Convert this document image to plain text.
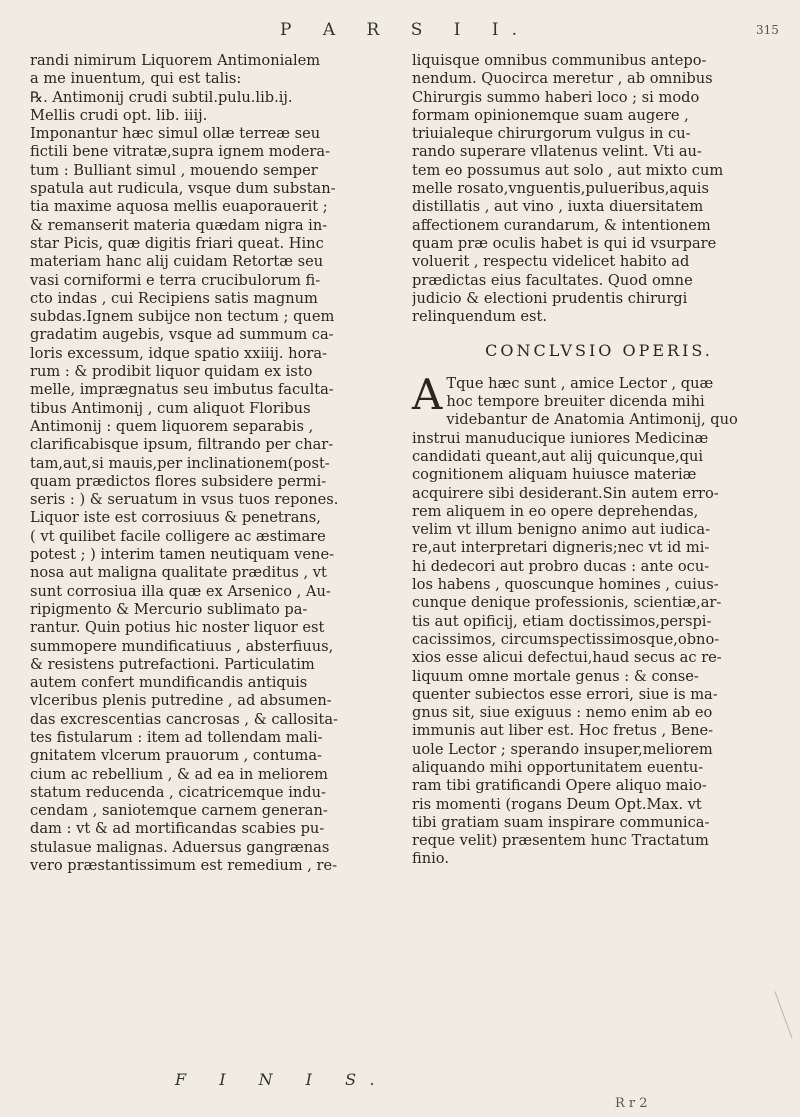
P A R S I I.	315
randi nimirum Liquorem Antimonialem
a me inuentum, qui est talis:
℞. Antimonij crudi subtil.pulu.lib.ij.
Mellis crudi opt. lib. iiij.
Imponantur hæc simul ollæ terreæ seu
fictili bene vitratæ,supra ignem modera-
tum : Bulliant simul , mouendo semper
spatula aut rudicula, vsque dum substan-
tia maxime aquosa mellis euaporauerit ;
& remanserit materia quædam nigra in-
star Picis, quæ digitis friari queat. Hinc
materiam hanc alij cuidam Retortæ seu
vasi corniformi e terra crucibulorum fi-
cto indas , cui Recipiens satis magnum
subdas.Ignem subijce non tectum ; quem
gradatim augebis, vsque ad summum ca-
loris excessum, idque spatio xxiiij. hora-
rum : & prodibit liquor quidam ex isto
melle, imprægnatus seu imbutus faculta-
tibus Antimonij , cum aliquot Floribus
Antimonij : quem liquorem separabis ,
clarificabisque ipsum, filtrando per char-
tam,aut,si mauis,per inclinationem(post-
quam prædictos flores subsidere permi-
seris : ) & seruatum in vsus tuos repones.
Liquor iste est corrosiuus & penetrans,
( vt quilibet facile colligere ac æstimare
potest ; ) interim tamen neutiquam vene-
nosa aut maligna qualitate præditus , vt
sunt corrosiua illa quæ ex Arsenico , Au-
ripigmento & Mercurio sublimato pa-
rantur. Quin potius hic noster liquor est
summopere mundificatiuus , absterfiuus,
& resistens putrefactioni. Particulatim
autem confert mundificandis antiquis
vlceribus plenis putredine , ad absumen-
das excrescentias cancrosas , & callosita-
tes fistularum : item ad tollendam mali-
gnitatem vlcerum prauorum , contuma-
cium ac rebellium , & ad ea in meliorem
statum reducenda , cicatricemque indu-
cendam , saniotemque carnem generan-
dam : vt & ad mortificandas scabies pu-
stulasue malignas. Aduersus gangrænas
vero præstantissimum est remedium , re-
liquisque omnibus communibus antepo-
nendum. Quocirca meretur , ab omnibus
Chirurgis summo haberi loco ; si modo
formam opinionemque suam augere ,
triuialeque chirurgorum vulgus in cu-
rando superare vllatenus velint. Vti au-
tem eo possumus aut solo , aut mixto cum
melle rosato,vnguentis,pulueribus,aquis
distillatis , aut vino , iuxta diuersitatem
affectionem curandarum, & intentionem
quam præ oculis habet is qui id vsurpare
voluerit , respectu videlicet habito ad
prædictas eius facultates. Quod omne
judicio & electioni prudentis chirurgi
relinquendum est.
CONCLVSIO OPERIS.
A Tque hæc sunt , amice Lector , quæ
hoc tempore breuiter dicenda mihi
videbantur de Anatomia Antimonij, quo
instrui manuducique iuniores Medicinæ
candidati queant,aut alij quicunque,qui
cognitionem aliquam huiusce materiæ
acquirere sibi desiderant.Sin autem erro-
rem aliquem in eo opere deprehendas,
velim vt illum benigno animo aut iudica-
re,aut interpretari digneris;nec vt id mi-
hi dedecori aut probro ducas : ante ocu-
los habens , quoscunque homines , cuius-
cunque denique professionis, scientiæ,ar-
tis aut opificij, etiam doctissimos,perspi-
cacissimos, circumspectissimosque,obno-
xios esse alicui defectui,haud secus ac re-
liquum omne mortale genus : & conse-
quenter subiectos esse errori, siue is ma-
gnus sit, siue exiguus : nemo enim ab eo
immunis aut liber est. Hoc fretus , Bene-
uole Lector ; sperando insuper,meliorem
aliquando mihi opportunitatem euentu-
ram tibi gratificandi Opere aliquo maio-
ris momenti (rogans Deum Opt.Max. vt
tibi gratiam suam inspirare communica-
reque velit) præsentem hunc Tractatum
finio.
F I N I S.
R r 2
